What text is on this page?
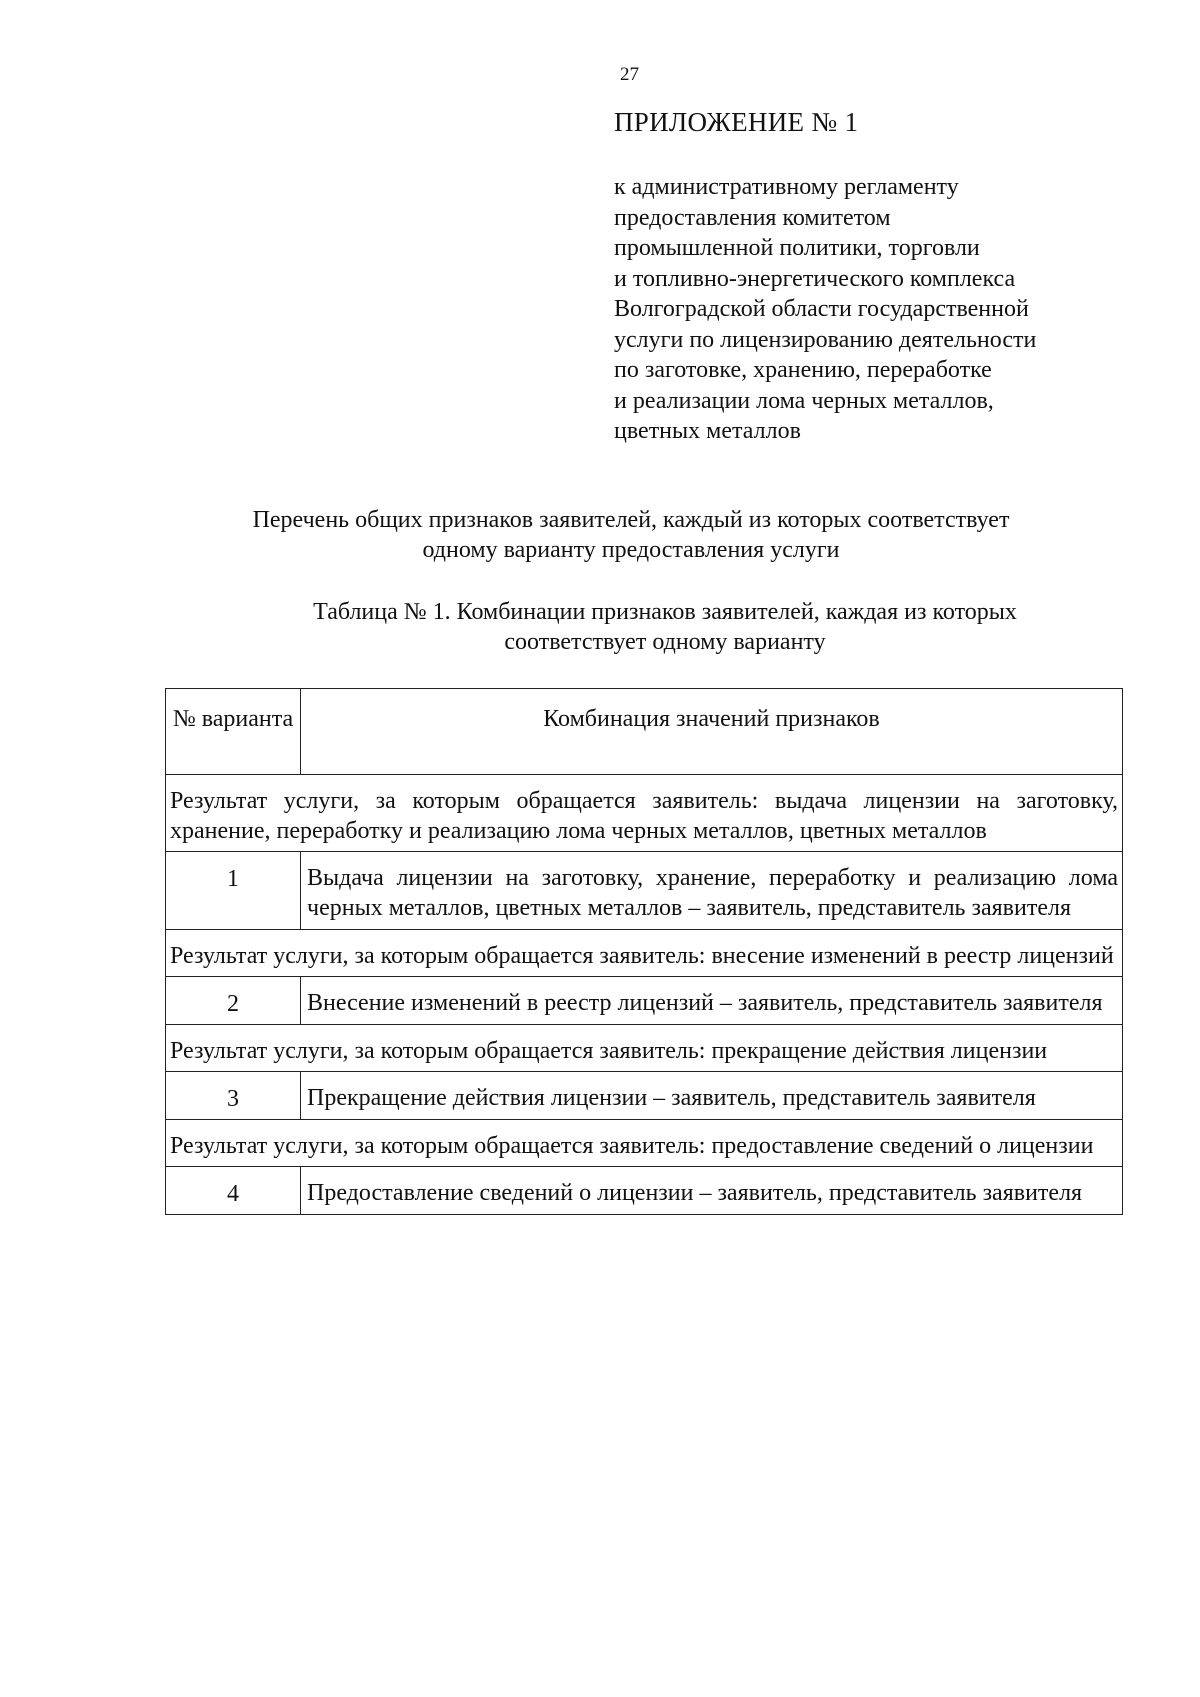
27
ПРИЛОЖЕНИЕ № 1
к административному регламенту
предоставления комитетом
промышленной политики, торговли
и топливно-энергетического комплекса
Волгоградской области государственной
услуги по лицензированию деятельности
по заготовке, хранению, переработке
и реализации лома черных металлов,
цветных металлов
Перечень общих признаков заявителей, каждый из которых соответствует
одному варианту предоставления услуги
Таблица № 1. Комбинации признаков заявителей, каждая из которых
соответствует одному варианту
№ варианта	Комбинация значений признаков
Результат услуги, за которым обращается заявитель: выдача лицензии на заготовку, хранение, переработку и реализацию лома черных металлов, цветных металлов	
1	Выдача лицензии на заготовку, хранение, переработку и реализацию лома черных металлов, цветных металлов – заявитель, представитель заявителя
Результат услуги, за которым обращается заявитель: внесение изменений в реестр лицензий	
2	Внесение изменений в реестр лицензий – заявитель, представитель заявителя
Результат услуги, за которым обращается заявитель: прекращение действия лицензии	
3	Прекращение действия лицензии – заявитель, представитель заявителя
Результат услуги, за которым обращается заявитель: предоставление сведений о лицензии	
4	Предоставление сведений о лицензии – заявитель, представитель заявителя
